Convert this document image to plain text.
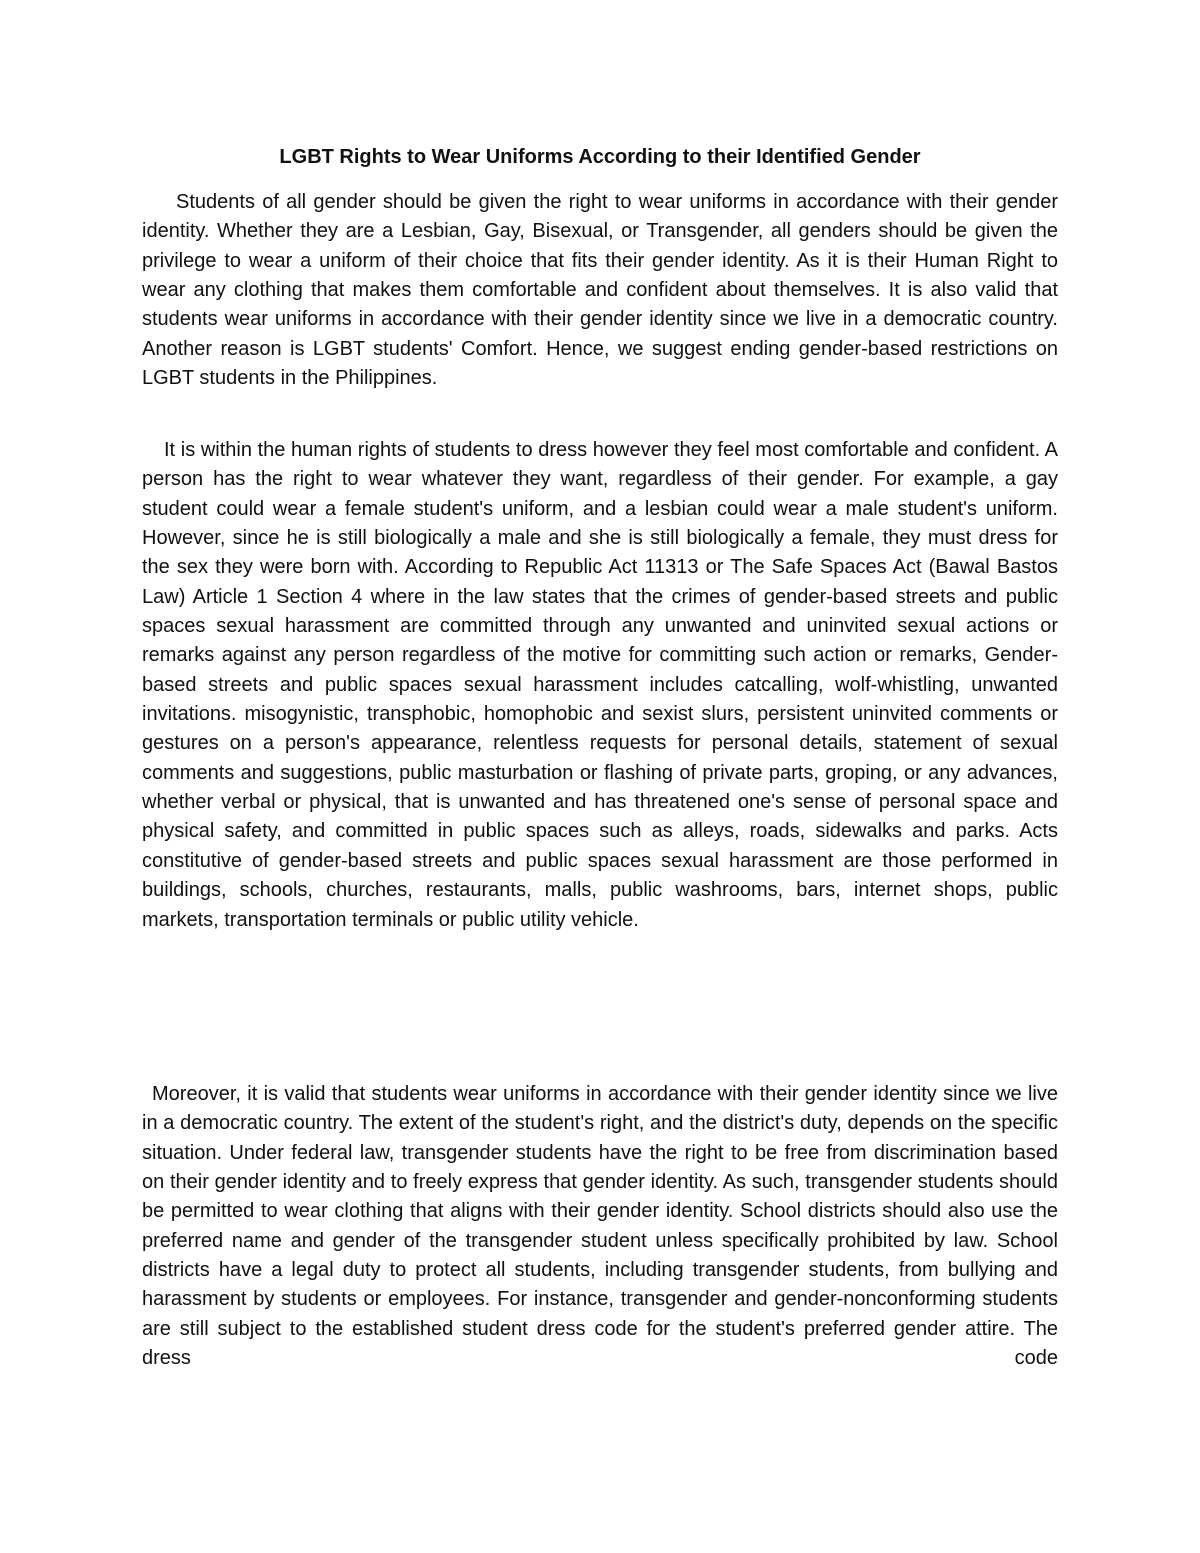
LGBT Rights to Wear Uniforms According to their Identified Gender

Students of all gender should be given the right to wear uniforms in accordance with their gender identity. Whether they are a Lesbian, Gay, Bisexual, or Transgender, all genders should be given the privilege to wear a uniform of their choice that fits their gender identity. As it is their Human Right to wear any clothing that makes them comfortable and confident about themselves. It is also valid that students wear uniforms in accordance with their gender identity since we live in a democratic country. Another reason is LGBT students' Comfort. Hence, we suggest ending gender-based restrictions on LGBT students in the Philippines.

It is within the human rights of students to dress however they feel most comfortable and confident. A person has the right to wear whatever they want, regardless of their gender. For example, a gay student could wear a female student's uniform, and a lesbian could wear a male student's uniform. However, since he is still biologically a male and she is still biologically a female, they must dress for the sex they were born with. According to Republic Act 11313 or The Safe Spaces Act (Bawal Bastos Law) Article 1 Section 4 where in the law states that the crimes of gender-based streets and public spaces sexual harassment are committed through any unwanted and uninvited sexual actions or remarks against any person regardless of the motive for committing such action or remarks, Gender-based streets and public spaces sexual harassment includes catcalling, wolf-whistling, unwanted invitations. misogynistic, transphobic, homophobic and sexist slurs, persistent uninvited comments or gestures on a person's appearance, relentless requests for personal details, statement of sexual comments and suggestions, public masturbation or flashing of private parts, groping, or any advances, whether verbal or physical, that is unwanted and has threatened one's sense of personal space and physical safety, and committed in public spaces such as alleys, roads, sidewalks and parks. Acts constitutive of gender-based streets and public spaces sexual harassment are those performed in buildings, schools, churches, restaurants, malls, public washrooms, bars, internet shops, public markets, transportation terminals or public utility vehicle.

Moreover, it is valid that students wear uniforms in accordance with their gender identity since we live in a democratic country. The extent of the student's right, and the district's duty, depends on the specific situation. Under federal law, transgender students have the right to be free from discrimination based on their gender identity and to freely express that gender identity. As such, transgender students should be permitted to wear clothing that aligns with their gender identity. School districts should also use the preferred name and gender of the transgender student unless specifically prohibited by law. School districts have a legal duty to protect all students, including transgender students, from bullying and harassment by students or employees. For instance, transgender and gender-nonconforming students are still subject to the established student dress code for the student's preferred gender attire. The dress code
